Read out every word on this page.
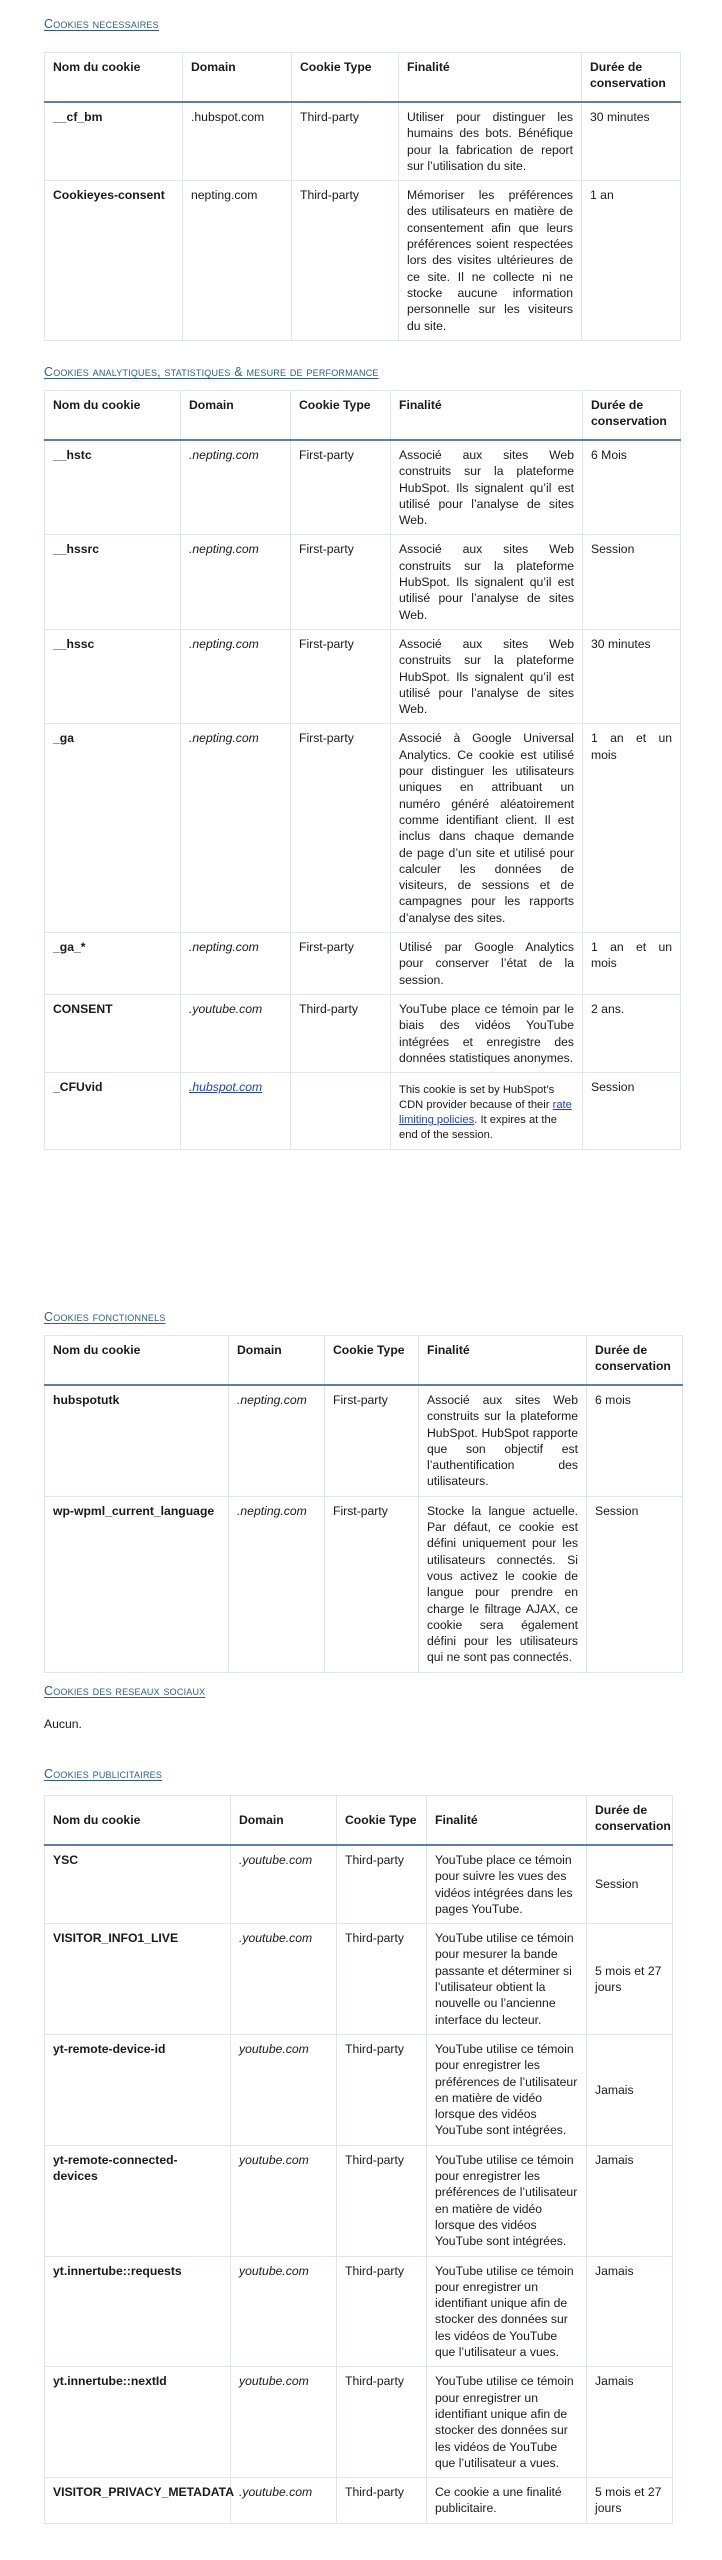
Cookies necessaires
Nom du cookie	Domain	Cookie Type	Finalité	Durée de conservation
__cf_bm	.hubspot.com	Third-party	Utiliser pour distinguer les humains des bots. Bénéfique pour la fabrication de report sur l’utilisation du site.	30 minutes
Cookieyes-consent	nepting.com	Third-party	Mémoriser les préférences des utilisateurs en matière de consentement afin que leurs préférences soient respectées lors des visites ultérieures de ce site. Il ne collecte ni ne stocke aucune information personnelle sur les visiteurs du site.	1 an
Cookies analytiques, statistiques & mesure de performance
Nom du cookie	Domain	Cookie Type	Finalité	Durée de conservation
__hstc	.nepting.com	First-party	Associé aux sites Web construits sur la plateforme HubSpot. Ils signalent qu’il est utilisé pour l’analyse de sites Web.	6 Mois
__hssrc	.nepting.com	First-party	Associé aux sites Web construits sur la plateforme HubSpot. Ils signalent qu’il est utilisé pour l’analyse de sites Web.	Session
__hssc	.nepting.com	First-party	Associé aux sites Web construits sur la plateforme HubSpot. Ils signalent qu’il est utilisé pour l’analyse de sites Web.	30 minutes
_ga	.nepting.com	First-party	Associé à Google Universal Analytics. Ce cookie est utilisé pour distinguer les utilisateurs uniques en attribuant un numéro généré aléatoirement comme identifiant client. Il est inclus dans chaque demande de page d’un site et utilisé pour calculer les données de visiteurs, de sessions et de campagnes pour les rapports d’analyse des sites.	1 an et un mois
_ga_*	.nepting.com	First-party	Utilisé par Google Analytics pour conserver l’état de la session.	1 an et un mois
CONSENT	.youtube.com	Third-party	YouTube place ce témoin par le biais des vidéos YouTube intégrées et enregistre des données statistiques anonymes.	2 ans.
_CFUvid	.hubspot.com		This cookie is set by HubSpot’s CDN provider because of their rate limiting policies. It expires at the end of the session.	Session
Cookies fonctionnels
Nom du cookie	Domain	Cookie Type	Finalité	Durée de conservation
hubspotutk	.nepting.com	First-party	Associé aux sites Web construits sur la plateforme HubSpot. HubSpot rapporte que son objectif est l’authentification des utilisateurs.	6 mois
wp-wpml_current_language	.nepting.com	First-party	Stocke la langue actuelle. Par défaut, ce cookie est défini uniquement pour les utilisateurs connectés. Si vous activez le cookie de langue pour prendre en charge le filtrage AJAX, ce cookie sera également défini pour les utilisateurs qui ne sont pas connectés.	Session
Cookies des reseaux sociaux

Aucun.

Cookies publicitaires
Nom du cookie	Domain	Cookie Type	Finalité	Durée de conservation
YSC	.youtube.com	Third-party	YouTube place ce témoin pour suivre les vues des vidéos intégrées dans les pages YouTube.	Session
VISITOR_INFO1_LIVE	.youtube.com	Third-party	YouTube utilise ce témoin pour mesurer la bande passante et déterminer si l’utilisateur obtient la nouvelle ou l’ancienne interface du lecteur.	5 mois et 27 jours
yt-remote-device-id	youtube.com	Third-party	YouTube utilise ce témoin pour enregistrer les préférences de l’utilisateur en matière de vidéo lorsque des vidéos YouTube sont intégrées.	Jamais
yt-remote-connected-devices	youtube.com	Third-party	YouTube utilise ce témoin pour enregistrer les préférences de l’utilisateur en matière de vidéo lorsque des vidéos YouTube sont intégrées.	Jamais
yt.innertube::requests	youtube.com	Third-party	YouTube utilise ce témoin pour enregistrer un identifiant unique afin de stocker des données sur les vidéos de YouTube que l’utilisateur a vues.	Jamais
yt.innertube::nextId	youtube.com	Third-party	YouTube utilise ce témoin pour enregistrer un identifiant unique afin de stocker des données sur les vidéos de YouTube que l’utilisateur a vues.	Jamais
VISITOR_PRIVACY_METADATA	.youtube.com	Third-party	Ce cookie a une finalité publicitaire.	5 mois et 27 jours
